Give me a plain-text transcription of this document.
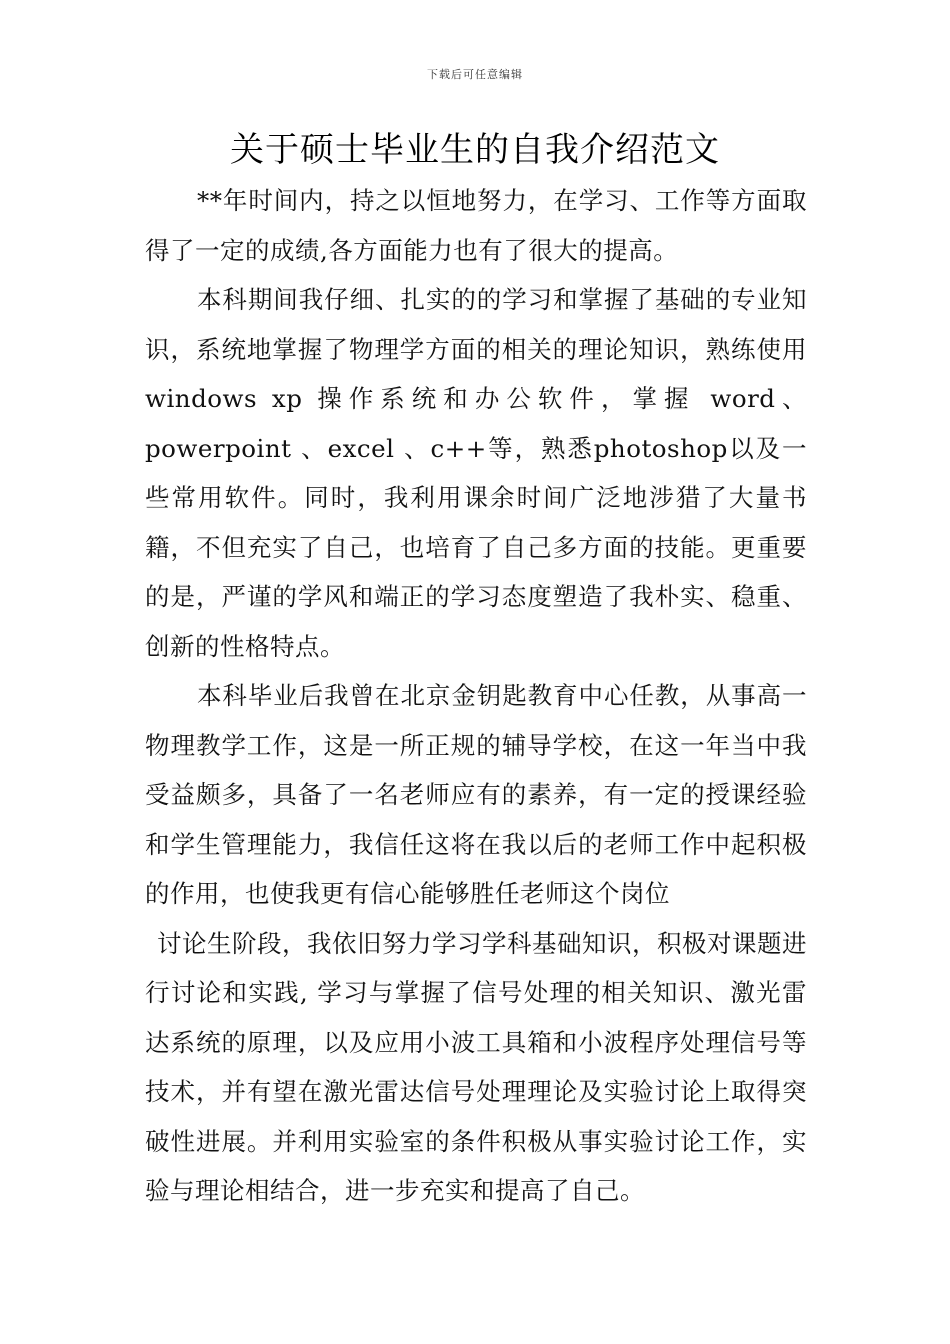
下载后可任意编辑
关于硕士毕业生的自我介绍范文

**年时间内，持之以恒地努力，在学习、工作等方面取得了一定的成绩,各方面能力也有了很大的提高。

本科期间我仔细、扎实的的学习和掌握了基础的专业知识，系统地掌握了物理学方面的相关的理论知识，熟练使用 windows xp 操作系统和办公软件，掌握 word、powerpoint 、excel 、c++等，熟悉photoshop以及一些常用软件。同时，我利用课余时间广泛地涉猎了大量书籍，不但充实了自己，也培育了自己多方面的技能。更重要的是，严谨的学风和端正的学习态度塑造了我朴实、稳重、创新的性格特点。

本科毕业后我曾在北京金钥匙教育中心任教，从事高一物理教学工作，这是一所正规的辅导学校，在这一年当中我受益颇多，具备了一名老师应有的素养，有一定的授课经验和学生管理能力，我信任这将在我以后的老师工作中起积极的作用，也使我更有信心能够胜任老师这个岗位

讨论生阶段，我依旧努力学习学科基础知识，积极对课题进行讨论和实践, 学习与掌握了信号处理的相关知识、激光雷达系统的原理，以及应用小波工具箱和小波程序处理信号等技术，并有望在激光雷达信号处理理论及实验讨论上取得突破性进展。并利用实验室的条件积极从事实验讨论工作，实验与理论相结合，进一步充实和提高了自己。
